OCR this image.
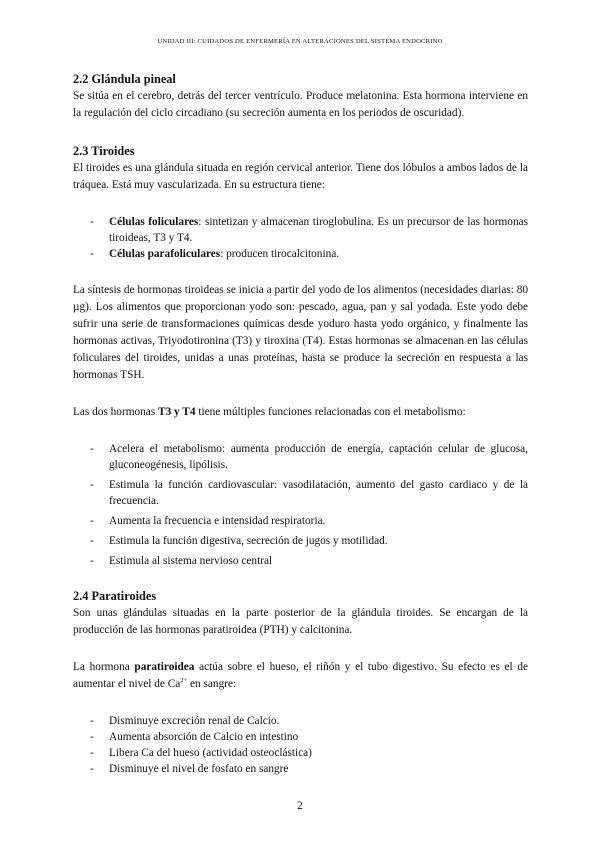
UNIDAD III: CUIDADOS DE ENFERMERÍA EN ALTERACIONES DEL SISTEMA ENDOCRINO
2.2 Glándula pineal

Se sitúa en el cerebro, detrás del tercer ventrículo. Produce melatonina. Esta hormona interviene en la regulación del ciclo circadiano (su secreción aumenta en los periodos de oscuridad).

2.3 Tiroides

El tiroides es una glándula situada en región cervical anterior. Tiene dos lóbulos a ambos lados de la tráquea. Está muy vascularizada. En su estructura tiene:

- Células foliculares: sintetizan y almacenan tiroglobulina. Es un precursor de las hormonas tiroideas, T3 y T4.
- Células parafoliculares: producen tirocalcitonina.

La síntesis de hormonas tiroideas se inicia a partir del yodo de los alimentos (necesidades diarias: 80 µg). Los alimentos que proporcionan yodo son: pescado, agua, pan y sal yodada. Este yodo debe sufrir una serie de transformaciones químicas desde yoduro hasta yodo orgánico, y finalmente las hormonas activas, Triyodotironina (T3) y tiroxina (T4). Estas hormonas se almacenan en las células foliculares del tiroides, unidas a unas proteínas, hasta se produce la secreción en respuesta a las hormonas TSH.

Las dos hormonas T3 y T4 tiene múltiples funciones relacionadas con el metabolismo:

- Acelera el metabolismo: aumenta producción de energía, captación celular de glucosa, gluconeogénesis, lipólisis.
- Estimula la función cardiovascular: vasodilatación, aumento del gasto cardiaco y de la frecuencia.
- Aumenta la frecuencia e intensidad respiratoria.
- Estimula la función digestiva, secreción de jugos y motilidad.
- Estimula al sistema nervioso central
2.4 Paratiroides

Son unas glándulas situadas en la parte posterior de la glándula tiroides. Se encargan de la producción de las hormonas paratiroidea (PTH) y calcitonina.

La hormona paratiroidea actúa sobre el hueso, el riñón y el tubo digestivo. Su efecto es el de aumentar el nivel de $Ca^{2+}$ en sangre:

- Disminuye excreción renal de Calcio.
- Aumenta absorción de Calcio en intestino
- Libera Ca del hueso (actividad osteoclástica)
- Disminuye el nivel de fosfato en sangre
2
